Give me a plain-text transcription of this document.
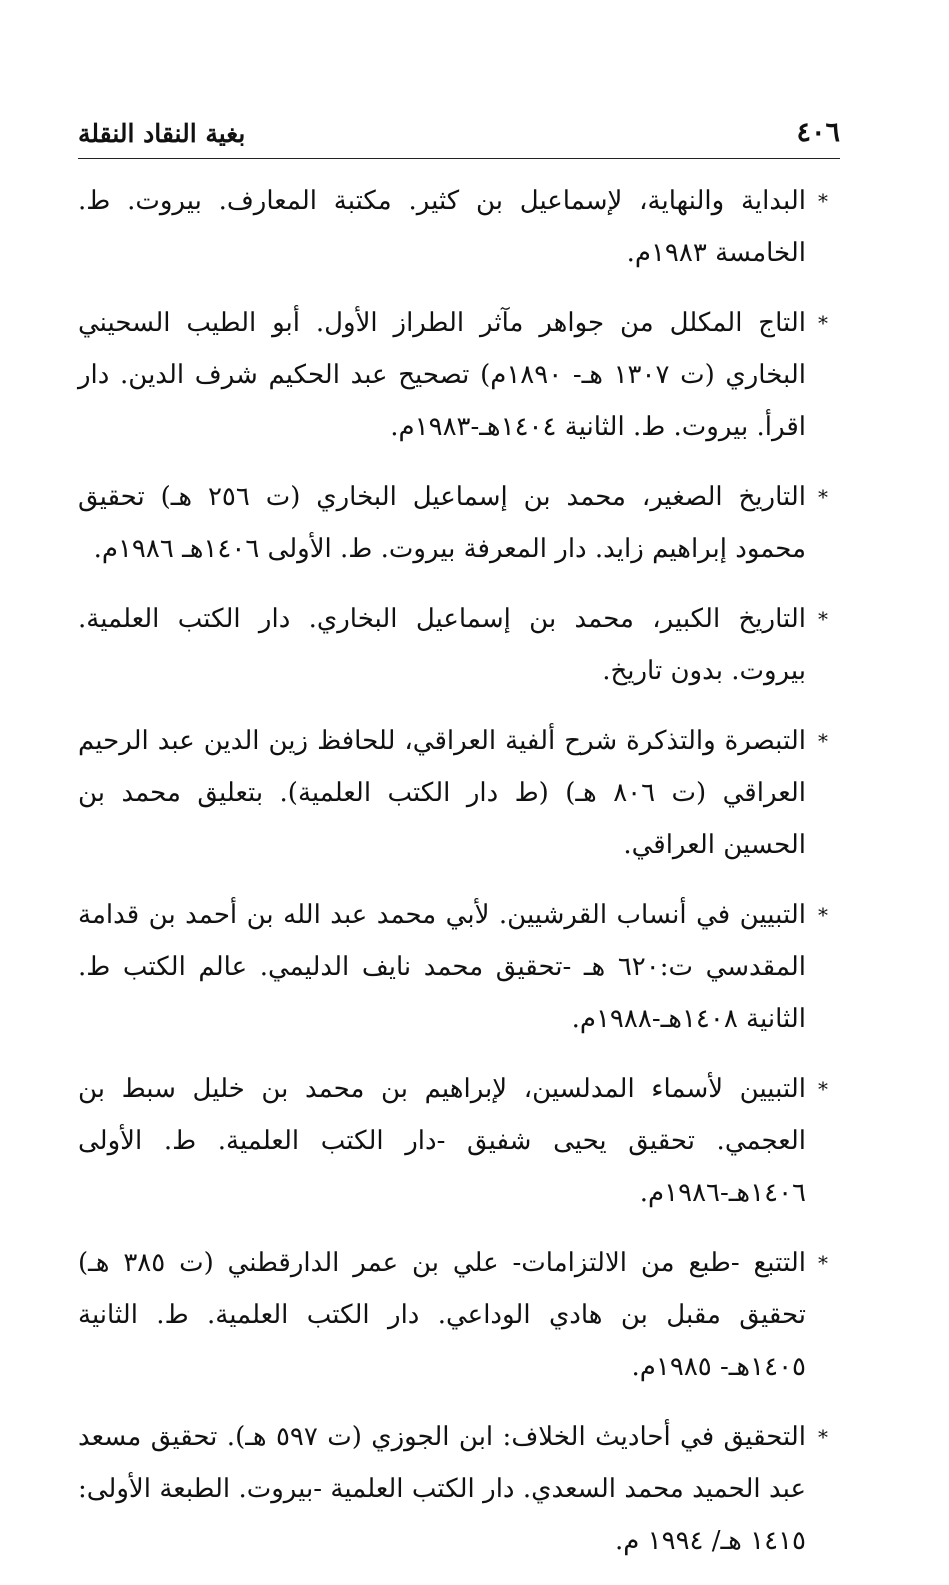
٤٠٦
بغية النقاد النقلة
*
البداية والنهاية، لإسماعيل بن كثير. مكتبة المعارف. بيروت. ط. الخامسة ١٩٨٣م.
*
التاج المكلل من جواهر مآثر الطراز الأول. أبو الطيب السحيني البخاري (ت ١٣٠٧ هـ- ١٨٩٠م) تصحيح عبد الحكيم شرف الدين. دار اقرأ. بيروت. ط. الثانية ١٤٠٤هـ-١٩٨٣م.
*
التاريخ الصغير، محمد بن إسماعيل البخاري (ت ٢٥٦ هـ) تحقيق محمود إبراهيم زايد. دار المعرفة بيروت. ط. الأولى ١٤٠٦هـ ١٩٨٦م.
*
التاريخ الكبير، محمد بن إسماعيل البخاري. دار الكتب العلمية. بيروت. بدون تاريخ.
*
التبصرة والتذكرة شرح ألفية العراقي، للحافظ زين الدين عبد الرحيم العراقي (ت ٨٠٦ هـ) (ط دار الكتب العلمية). بتعليق محمد بن الحسين العراقي.
*
التبيين في أنساب القرشيين. لأبي محمد عبد الله بن أحمد بن قدامة المقدسي ت:٦٢٠ هـ -تحقيق محمد نايف الدليمي. عالم الكتب ط. الثانية ١٤٠٨هـ-١٩٨٨م.
*
التبيين لأسماء المدلسين، لإبراهيم بن محمد بن خليل سبط بن العجمي. تحقيق يحيى شفيق -دار الكتب العلمية. ط. الأولى ١٤٠٦هـ-١٩٨٦م.
*
التتبع -طبع من الالتزامات- علي بن عمر الدارقطني (ت ٣٨٥ هـ) تحقيق مقبل بن هادي الوداعي. دار الكتب العلمية. ط. الثانية ١٤٠٥هـ- ١٩٨٥م.
*
التحقيق في أحاديث الخلاف: ابن الجوزي (ت ٥٩٧ هـ). تحقيق مسعد عبد الحميد محمد السعدي. دار الكتب العلمية -بيروت. الطبعة الأولى: ١٤١٥ هـ/ ١٩٩٤ م.
